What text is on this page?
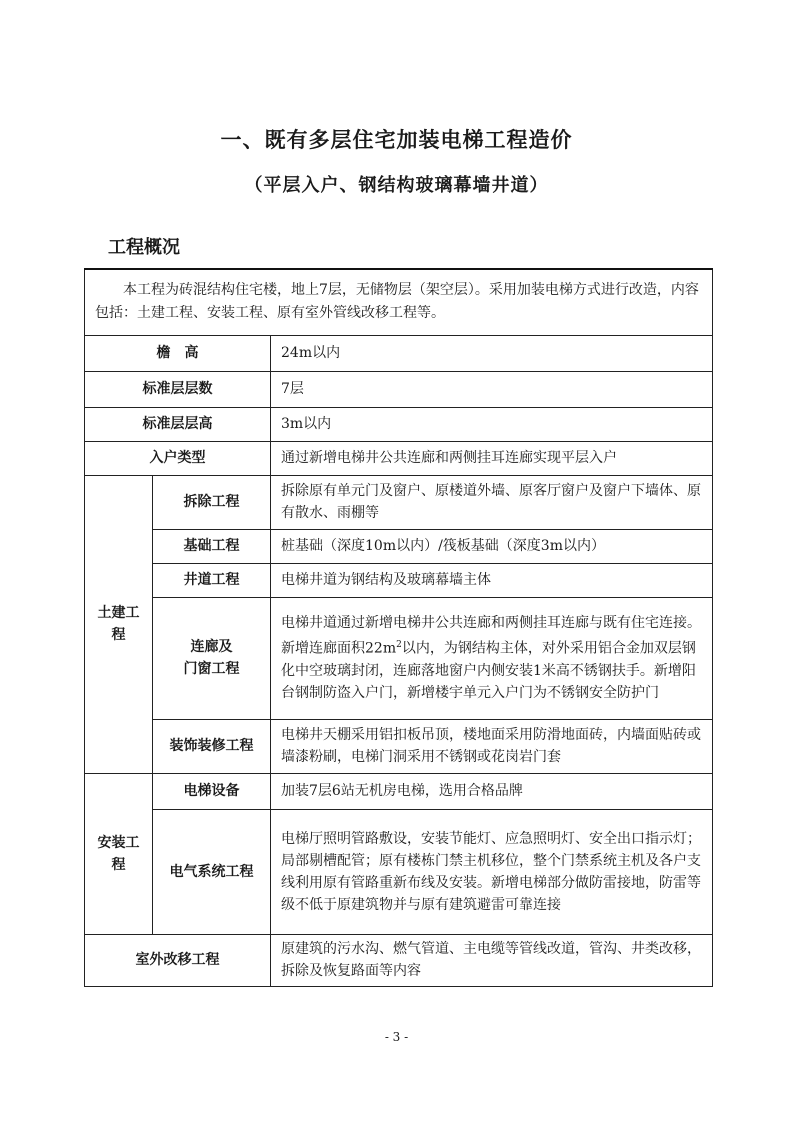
一、既有多层住宅加装电梯工程造价
（平层入户、钢结构玻璃幕墙井道）
工程概况
本工程为砖混结构住宅楼，地上7层，无储物层（架空层）。采用加装电梯方式进行改造，内容包括：土建工程、安装工程、原有室外管线改移工程等。		
檐　高		24m以内
标准层层数		7层
标准层层高		3m以内
入户类型		通过新增电梯井公共连廊和两侧挂耳连廊实现平层入户
土建工程	拆除工程	拆除原有单元门及窗户、原楼道外墙、原客厅窗户及窗户下墙体、原有散水、雨棚等
	基础工程	桩基础（深度10m以内）/筏板基础（深度3m以内）
	井道工程	电梯井道为钢结构及玻璃幕墙主体

	连廊及
门窗工程	电梯井道通过新增电梯井公共连廊和两侧挂耳连廊与既有住宅连接。新增连廊面积$22m^2$以内，为钢结构主体，对外采用铝合金加双层钢化中空玻璃封闭，连廊落地窗户内侧安装1米高不锈钢扶手。新增阳台钢制防盗入户门，新增楼宇单元入户门为不锈钢安全防护门
	装饰装修工程	电梯井天棚采用铝扣板吊顶，楼地面采用防滑地面砖，内墙面贴砖或墙漆粉刷，电梯门洞采用不锈钢或花岗岩门套
安装工程	电梯设备	加装7层6站无机房电梯，选用合格品牌
	电气系统工程	电梯厅照明管路敷设，安装节能灯、应急照明灯、安全出口指示灯；局部剔槽配管；原有楼栋门禁主机移位，整个门禁系统主机及各户支线利用原有管路重新布线及安装。新增电梯部分做防雷接地，防雷等级不低于原建筑物并与原有建筑避雷可靠连接
室外改移工程		原建筑的污水沟、燃气管道、主电缆等管线改道，管沟、井类改移，拆除及恢复路面等内容
- 3 -
